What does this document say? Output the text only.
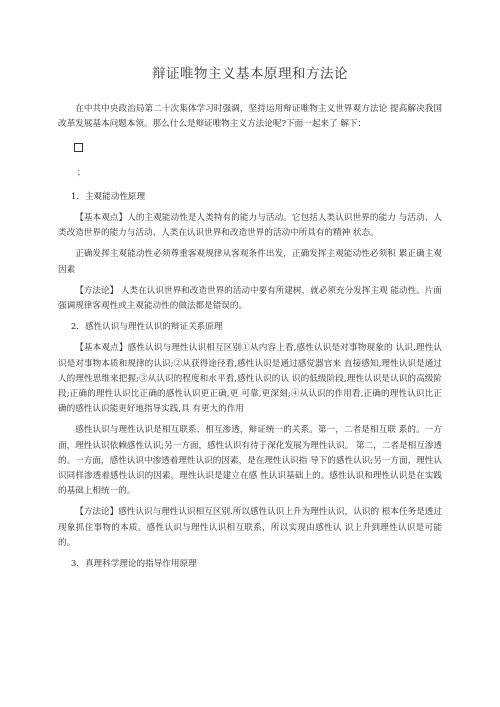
辩证唯物主义基本原理和方法论

在中共中央政治局第二十次集体学习时强调，坚持运用辩证唯物主义世界观方法论 提高解决我国改革发展基本问题本领。那么什么是辩证唯物主义方法论呢?下面一起来了 解下：

；

1．主观能动性原理

【基本观点】人的主观能动性是人类特有的能力与活动。它包括人类认识世界的能力 与活动、人类改造世界的能力与活动、人类在认识世界和改造世界的活动中所具有的精神 状态。

正确发挥主观能动性必须尊重客观规律从客观条件出发，正确发挥主观能动性必须积 累正确主观因素

【方法论】 人类在认识世界和改造世界的活动中要有所建树，就必须充分发挥主观 能动性。片面强调规律客观性或主观能动性的做法都是错误的。

2．感性认识与理性认识的辩证关系原理

【基本观点】感性认识与理性认识相互区别①从内容上看,感性认识是对事物现象的 认识,理性认识是对事物本质和规律的认识;②从获得途径看,感性认识是通过感觉器官来 直接感知,理性认识是通过人的理性思维来把握;③从认识的程度和水平看,感性认识的认 识的低级阶段,理性认识是认识的高级阶段;正确的理性认识比正确的感性认识更正确,更 可靠,更深刻;④从认识的作用看,正确的理性认识比正确的感性认识能更好地指导实践,具 有更大的作用

感性认识与理性认识是相互联系、相互渗透，辩证统一的关系。第一，二者是相互联 系的。一方面，理性认识依赖感性认识;另一方面，感性认识有待于深化发展为理性认识。 第二，二者是相互渗透的。一方面，感性认识中渗透着理性认识的因素，是在理性认识指 导下的感性认识;另一方面，理性认识同样渗透着感性认识的因素，理性认识是建立在感 性认识基础上的。感性认识和理性认识是在实践的基础上相统一的。

【方法论】感性认识与理性认识相互区别.所以感性认识上升为理性认识，认识的 根本任务是透过现象抓住事物的本质。感性认识与理性认识相互联系，所以实现由感性认 识上升到理性认识是可能的。

3．真理科学理论的指导作用原理
